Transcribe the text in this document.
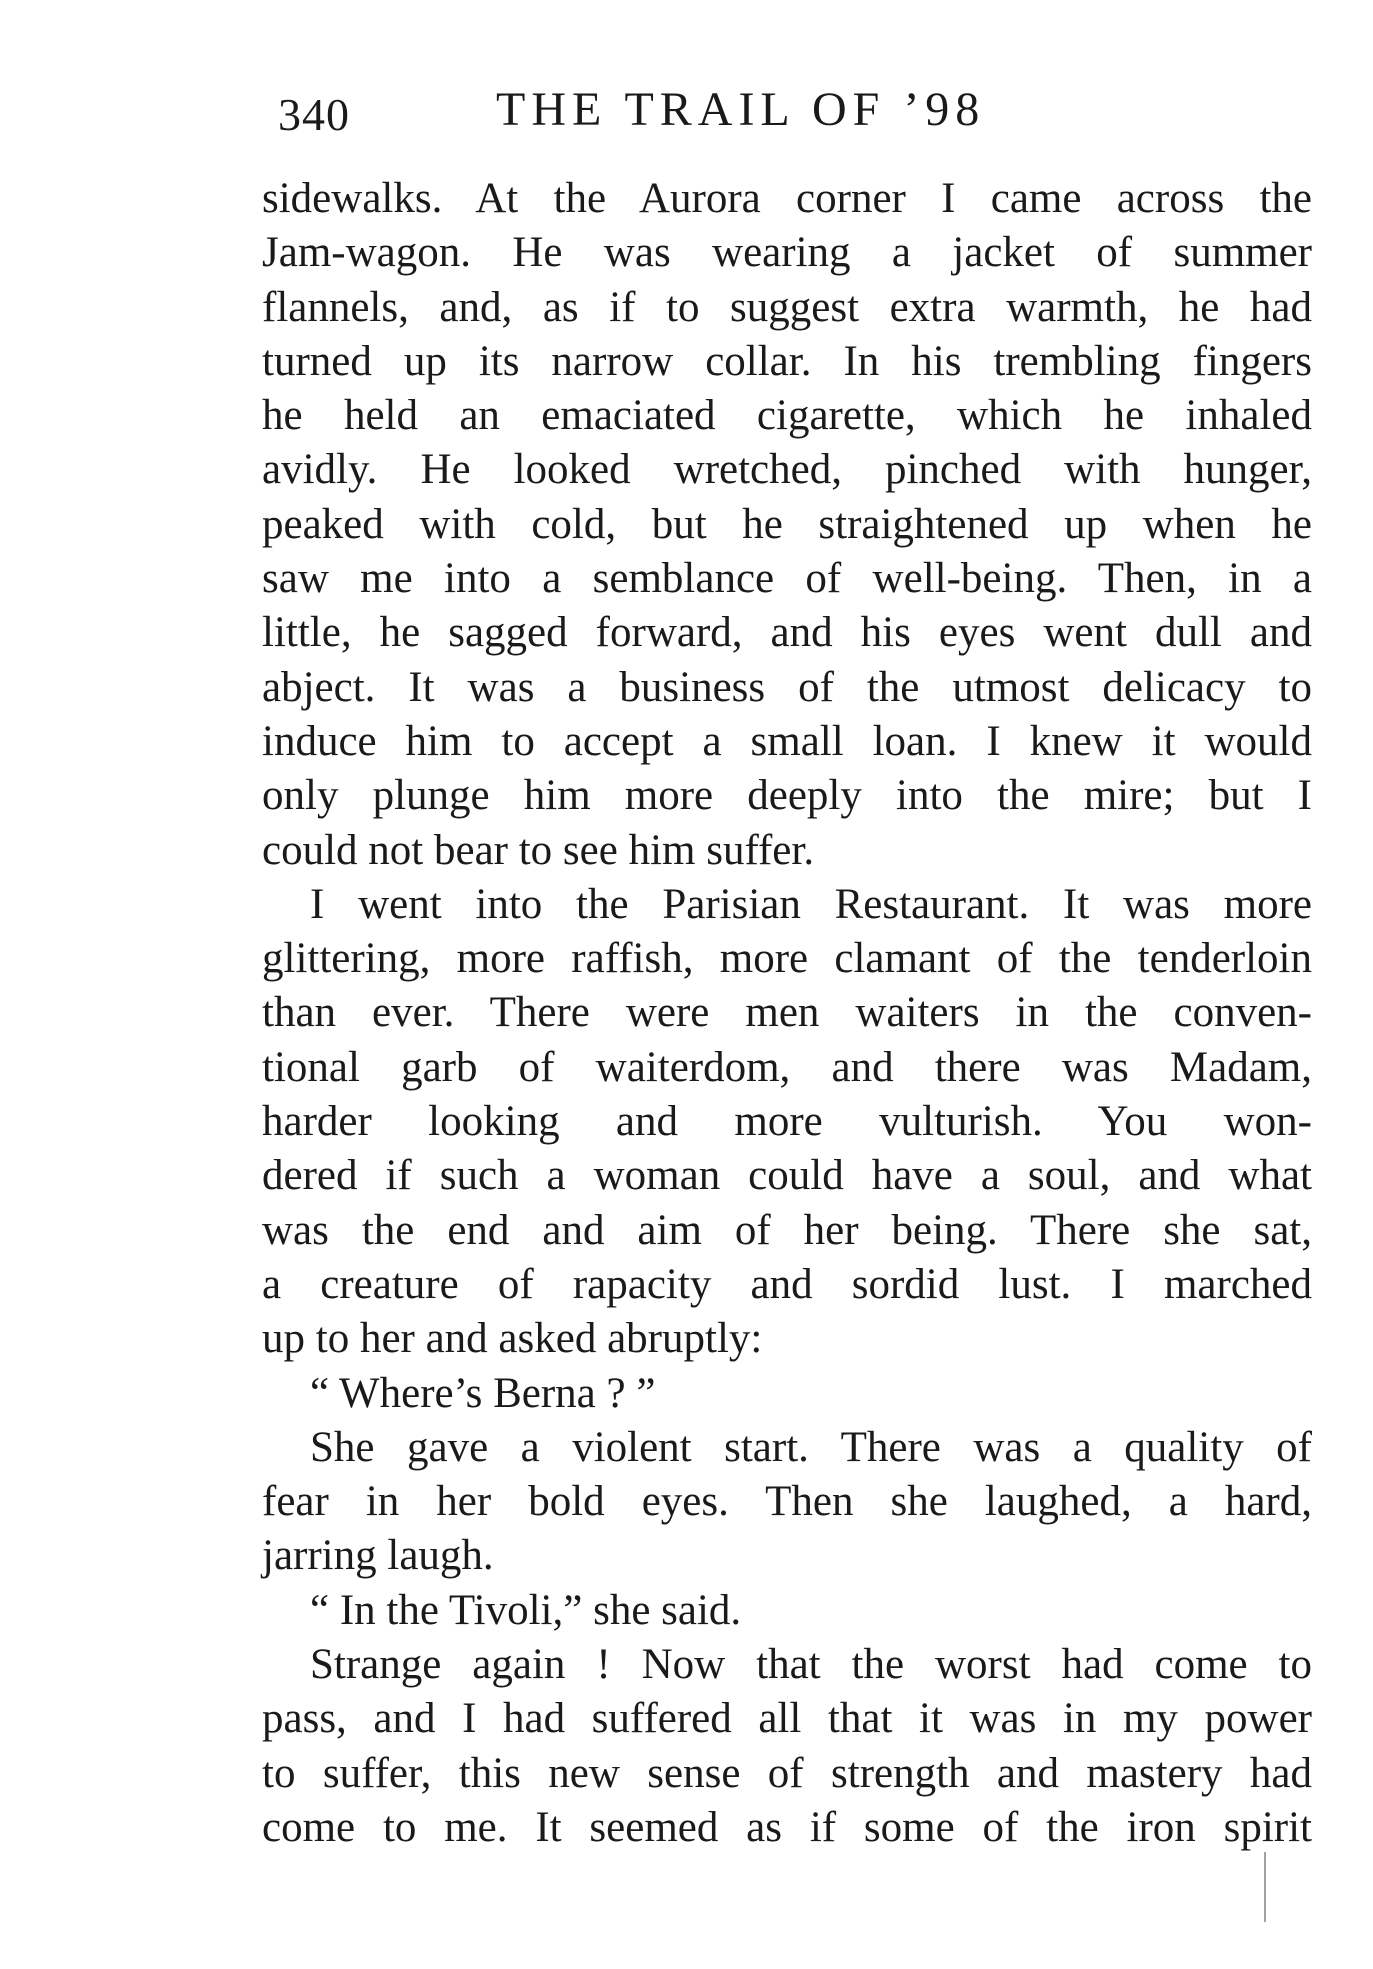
340	THE TRAIL OF ’98
sidewalks. At the Aurora corner I came across the
Jam-wagon. He was wearing a jacket of summer
flannels, and, as if to suggest extra warmth, he had
turned up its narrow collar. In his trembling fingers
he held an emaciated cigarette, which he inhaled
avidly. He looked wretched, pinched with hunger,
peaked with cold, but he straightened up when he
saw me into a semblance of well-being. Then, in a
little, he sagged forward, and his eyes went dull and
abject. It was a business of the utmost delicacy to
induce him to accept a small loan. I knew it would
only plunge him more deeply into the mire; but I
could not bear to see him suffer.
I went into the Parisian Restaurant. It was more
glittering, more raffish, more clamant of the tenderloin
than ever. There were men waiters in the conven-
tional garb of waiterdom, and there was Madam,
harder looking and more vulturish. You won-
dered if such a woman could have a soul, and what
was the end and aim of her being. There she sat,
a creature of rapacity and sordid lust. I marched
up to her and asked abruptly:
“ Where’s Berna ? ”
She gave a violent start. There was a quality of
fear in her bold eyes. Then she laughed, a hard,
jarring laugh.
“ In the Tivoli,” she said.
Strange again ! Now that the worst had come to
pass, and I had suffered all that it was in my power
to suffer, this new sense of strength and mastery had
come to me. It seemed as if some of the iron spirit
